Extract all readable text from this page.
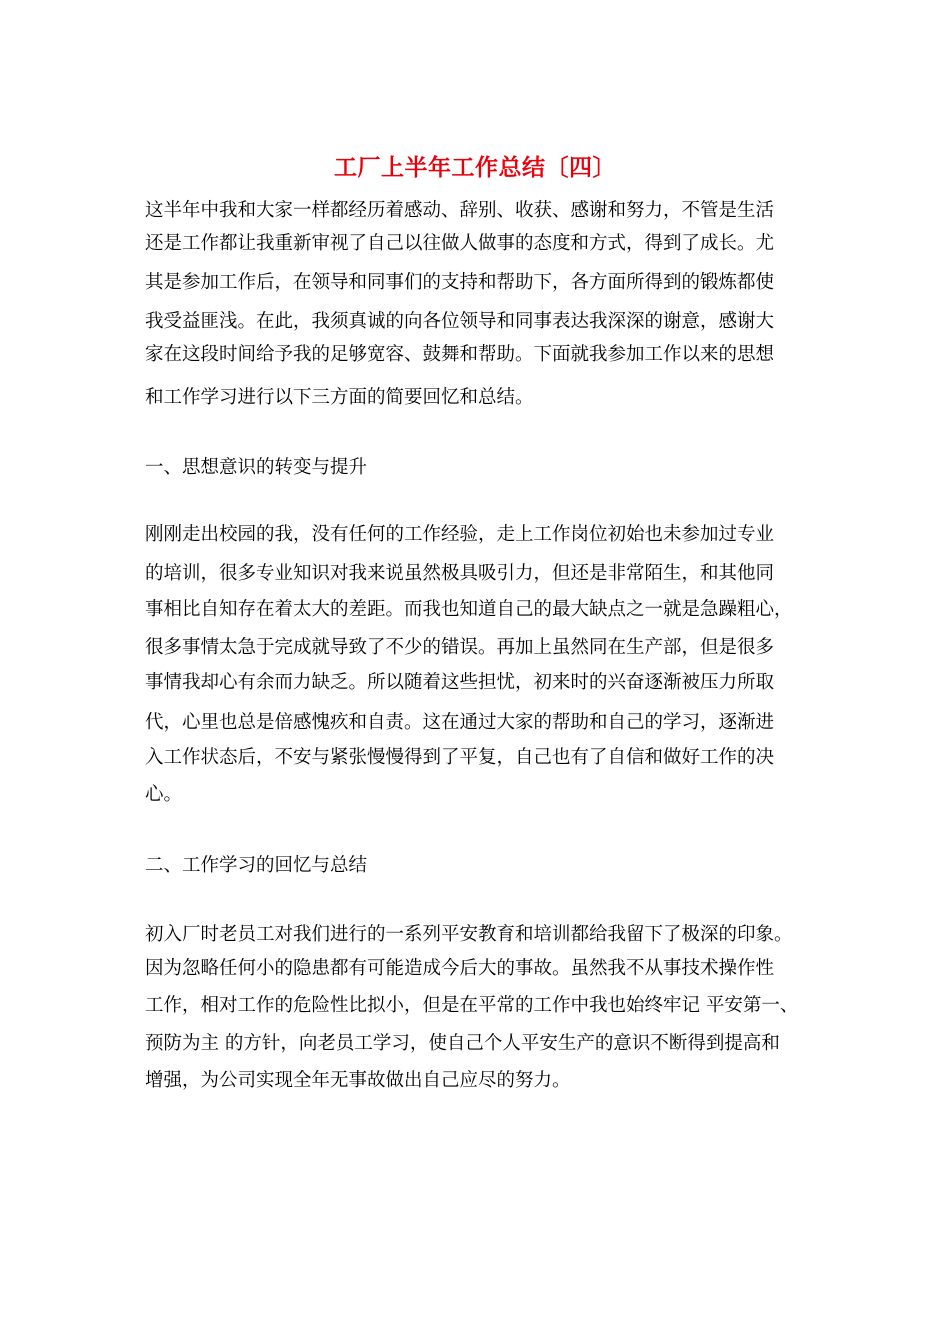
工厂上半年工作总结〔四〕
这半年中我和大家一样都经历着感动、辞别、收获、感谢和努力，不管是生活
还是工作都让我重新审视了自己以往做人做事的态度和方式，得到了成长。尤
其是参加工作后，在领导和同事们的支持和帮助下，各方面所得到的锻炼都使
我受益匪浅。在此，我须真诚的向各位领导和同事表达我深深的谢意，感谢大
家在这段时间给予我的足够宽容、鼓舞和帮助。下面就我参加工作以来的思想
和工作学习进行以下三方面的简要回忆和总结。
一、思想意识的转变与提升
刚刚走出校园的我，没有任何的工作经验，走上工作岗位初始也未参加过专业
的培训，很多专业知识对我来说虽然极具吸引力，但还是非常陌生，和其他同
事相比自知存在着太大的差距。而我也知道自己的最大缺点之一就是急躁粗心，
很多事情太急于完成就导致了不少的错误。再加上虽然同在生产部，但是很多
事情我却心有余而力缺乏。所以随着这些担忧，初来时的兴奋逐渐被压力所取
代，心里也总是倍感愧疚和自责。这在通过大家的帮助和自己的学习，逐渐进
入工作状态后，不安与紧张慢慢得到了平复，自己也有了自信和做好工作的决
心。
二、工作学习的回忆与总结
初入厂时老员工对我们进行的一系列平安教育和培训都给我留下了极深的印象。
因为忽略任何小的隐患都有可能造成今后大的事故。虽然我不从事技术操作性
工作，相对工作的危险性比拟小，但是在平常的工作中我也始终牢记 平安第一、
预防为主 的方针，向老员工学习，使自己个人平安生产的意识不断得到提高和
增强，为公司实现全年无事故做出自己应尽的努力。
